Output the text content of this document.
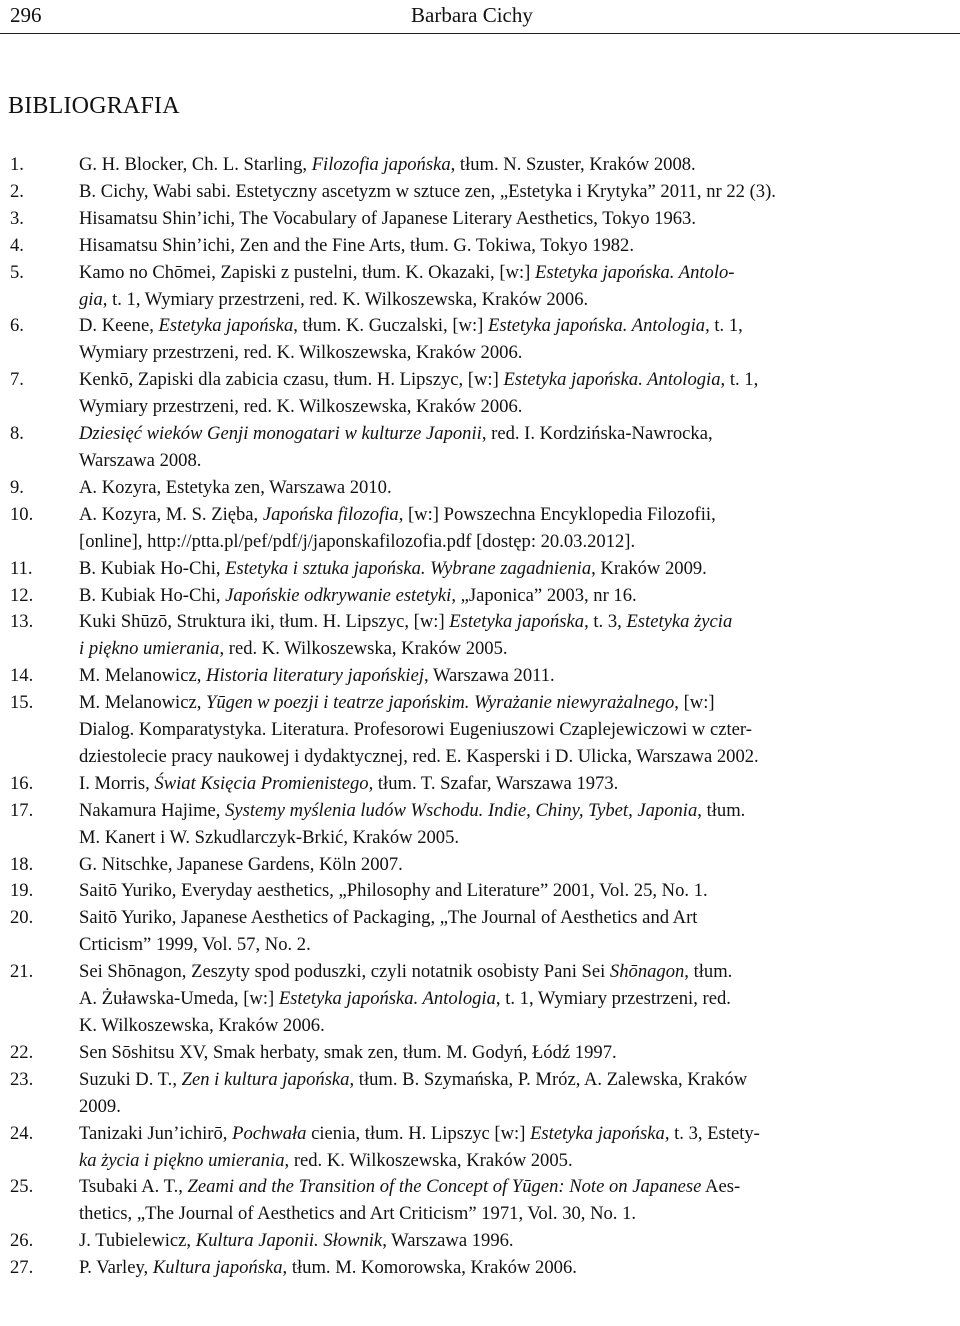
296	Barbara Cichy
BIBLIOGRAFIA
1.	G. H. Blocker, Ch. L. Starling, Filozofia japońska, tłum. N. Szuster, Kraków 2008.
2.	B. Cichy, Wabi sabi. Estetyczny ascetyzm w sztuce zen, „Estetyka i Krytyka” 2011, nr 22 (3).
3.	Hisamatsu Shin’ichi, The Vocabulary of Japanese Literary Aesthetics, Tokyo 1963.
4.	Hisamatsu Shin’ichi, Zen and the Fine Arts, tłum. G. Tokiwa, Tokyo 1982.
5.	Kamo no Chōmei, Zapiski z pustelni, tłum. K. Okazaki, [w:] Estetyka japońska. Antolo-
gia, t. 1, Wymiary przestrzeni, red. K. Wilkoszewska, Kraków 2006.
6.	D. Keene, Estetyka japońska, tłum. K. Guczalski, [w:] Estetyka japońska. Antologia, t. 1,
Wymiary przestrzeni, red. K. Wilkoszewska, Kraków 2006.
7.	Kenkō, Zapiski dla zabicia czasu, tłum. H. Lipszyc, [w:] Estetyka japońska. Antologia, t. 1,
Wymiary przestrzeni, red. K. Wilkoszewska, Kraków 2006.
8.	Dziesięć wieków Genji monogatari w kulturze Japonii, red. I. Kordzińska-Nawrocka,
Warszawa 2008.
9.	A. Kozyra, Estetyka zen, Warszawa 2010.
10.	A. Kozyra, M. S. Zięba, Japońska filozofia, [w:] Powszechna Encyklopedia Filozofii,
[online], http://ptta.pl/pef/pdf/j/japonskafilozofia.pdf [dostęp: 20.03.2012].
11.	B. Kubiak Ho-Chi, Estetyka i sztuka japońska. Wybrane zagadnienia, Kraków 2009.
12.	B. Kubiak Ho-Chi, Japońskie odkrywanie estetyki, „Japonica” 2003, nr 16.
13.	Kuki Shūzō, Struktura iki, tłum. H. Lipszyc, [w:] Estetyka japońska, t. 3, Estetyka życia
i piękno umierania, red. K. Wilkoszewska, Kraków 2005.
14.	M. Melanowicz, Historia literatury japońskiej, Warszawa 2011.
15.	M. Melanowicz, Yūgen w poezji i teatrze japońskim. Wyrażanie niewyrażalnego, [w:]
Dialog. Komparatystyka. Literatura. Profesorowi Eugeniuszowi Czaplejewiczowi w czter-
dziestolecie pracy naukowej i dydaktycznej, red. E. Kasperski i D. Ulicka, Warszawa 2002.
16.	I. Morris, Świat Księcia Promienistego, tłum. T. Szafar, Warszawa 1973.
17.	Nakamura Hajime, Systemy myślenia ludów Wschodu. Indie, Chiny, Tybet, Japonia, tłum.
M. Kanert i W. Szkudlarczyk-Brkić, Kraków 2005.
18.	G. Nitschke, Japanese Gardens, Köln 2007.
19.	Saitō Yuriko, Everyday aesthetics, „Philosophy and Literature” 2001, Vol. 25, No. 1.
20.	Saitō Yuriko, Japanese Aesthetics of Packaging, „The Journal of Aesthetics and Art
Crticism” 1999, Vol. 57, No. 2.
21.	Sei Shōnagon, Zeszyty spod poduszki, czyli notatnik osobisty Pani Sei Shōnagon, tłum.
A. Żuławska-Umeda, [w:] Estetyka japońska. Antologia, t. 1, Wymiary przestrzeni, red.
K. Wilkoszewska, Kraków 2006.
22.	Sen Sōshitsu XV, Smak herbaty, smak zen, tłum. M. Godyń, Łódź 1997.
23.	Suzuki D. T., Zen i kultura japońska, tłum. B. Szymańska, P. Mróz, A. Zalewska, Kraków
2009.
24.	Tanizaki Jun’ichirō, Pochwała cienia, tłum. H. Lipszyc [w:] Estetyka japońska, t. 3, Estety-
ka życia i piękno umierania, red. K. Wilkoszewska, Kraków 2005.
25.	Tsubaki A. T., Zeami and the Transition of the Concept of Yūgen: Note on Japanese Aes-
thetics, „The Journal of Aesthetics and Art Criticism” 1971, Vol. 30, No. 1.
26.	J. Tubielewicz, Kultura Japonii. Słownik, Warszawa 1996.
27.	P. Varley, Kultura japońska, tłum. M. Komorowska, Kraków 2006.
